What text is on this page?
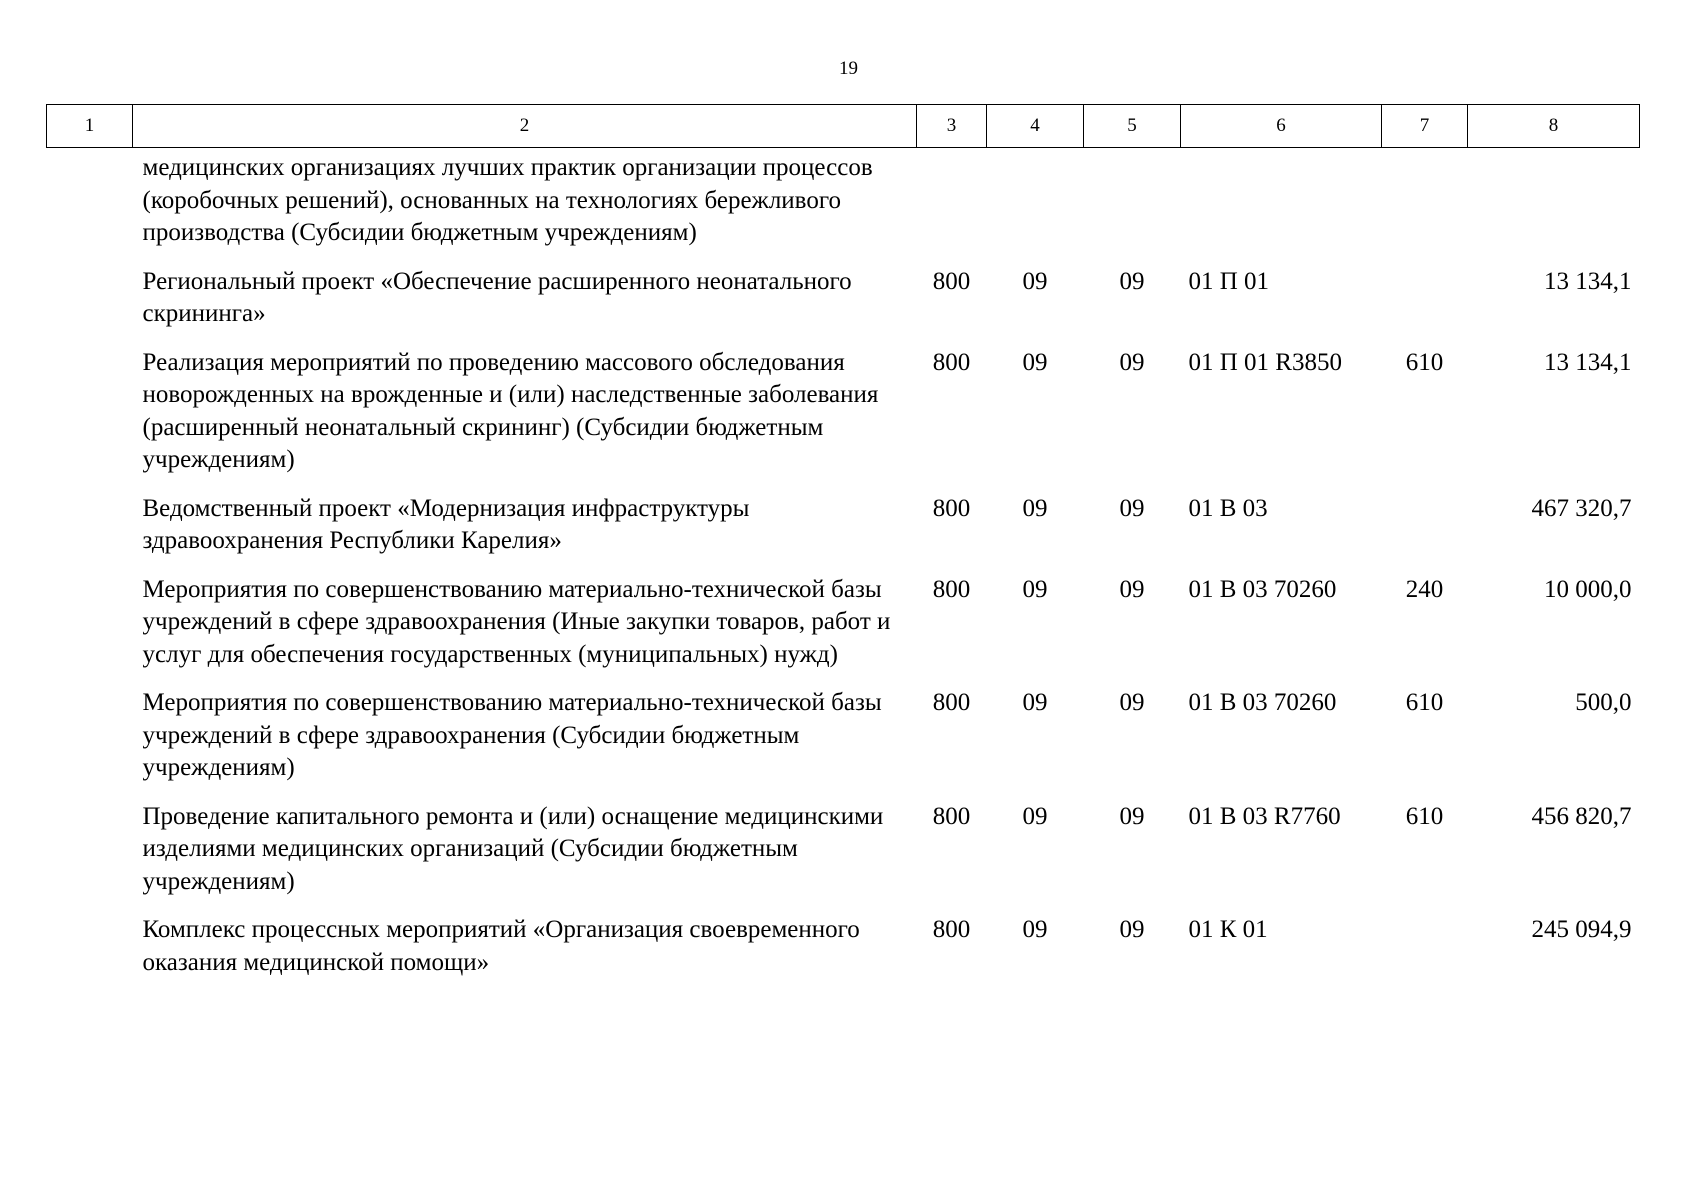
19
1	2	3	4	5	6	7	8
	медицинских организациях лучших практик организации процессов (коробочных решений), основанных на технологиях бережливого производства (Субсидии бюджетным учреждениям)						
	Региональный проект «Обеспечение расширенного неонатального скрининга»	800	09	09	01 П 01		13 134,1
	Реализация мероприятий по проведению массового обследования новорожденных на врожденные и (или) наследственные заболевания (расширенный неонатальный скрининг) (Субсидии бюджетным учреждениям)	800	09	09	01 П 01 R3850	610	13 134,1
	Ведомственный проект «Модернизация инфраструктуры здравоохранения Республики Карелия»	800	09	09	01 В 03		467 320,7
	Мероприятия по совершенствованию материально-технической базы учреждений в сфере здравоохранения (Иные закупки товаров, работ и услуг для обеспечения государственных (муниципальных) нужд)	800	09	09	01 В 03 70260	240	10 000,0
	Мероприятия по совершенствованию материально-технической базы учреждений в сфере здравоохранения (Субсидии бюджетным учреждениям)	800	09	09	01 В 03 70260	610	500,0
	Проведение капитального ремонта и (или) оснащение медицинскими изделиями медицинских организаций (Субсидии бюджетным учреждениям)	800	09	09	01 В 03 R7760	610	456 820,7
	Комплекс процессных мероприятий «Организация своевременного оказания медицинской помощи»	800	09	09	01 К 01		245 094,9
